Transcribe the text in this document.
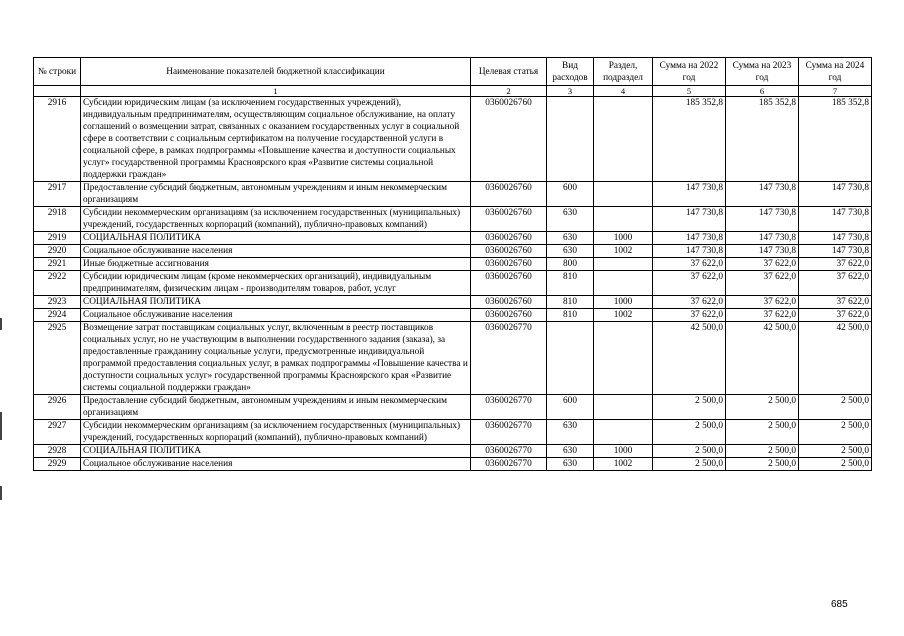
№ строки	Наименование показателей бюджетной классификации	Целевая статья	Вид расходов	Раздел, подраздел	Сумма на 2022 год	Сумма на 2023 год	Сумма на 2024 год
	1	2	3	4	5	6	7
2916	Субсидии юридическим лицам (за исключением государственных учреждений), индивидуальным предпринимателям, осуществляющим социальное обслуживание, на оплату соглашений о возмещении затрат, связанных с оказанием государственных услуг в социальной сфере в соответствии с социальным сертификатом на получение государственной услуги в социальной сфере, в рамках подпрограммы «Повышение качества и доступности социальных услуг» государственной программы Красноярского края «Развитие системы социальной поддержки граждан»	0360026760			185 352,8	185 352,8	185 352,8
2917	Предоставление субсидий бюджетным, автономным учреждениям и иным некоммерческим организациям	0360026760	600		147 730,8	147 730,8	147 730,8
2918	Субсидии некоммерческим организациям (за исключением государственных (муниципальных) учреждений, государственных корпораций (компаний), публично-правовых компаний)	0360026760	630		147 730,8	147 730,8	147 730,8
2919	СОЦИАЛЬНАЯ ПОЛИТИКА	0360026760	630	1000	147 730,8	147 730,8	147 730,8
2920	Социальное обслуживание населения	0360026760	630	1002	147 730,8	147 730,8	147 730,8
2921	Иные бюджетные ассигнования	0360026760	800		37 622,0	37 622,0	37 622,0
2922	Субсидии юридическим лицам (кроме некоммерческих организаций), индивидуальным предпринимателям, физическим лицам - производителям товаров, работ, услуг	0360026760	810		37 622,0	37 622,0	37 622,0
2923	СОЦИАЛЬНАЯ ПОЛИТИКА	0360026760	810	1000	37 622,0	37 622,0	37 622,0
2924	Социальное обслуживание населения	0360026760	810	1002	37 622,0	37 622,0	37 622,0
2925	Возмещение затрат поставщикам социальных услуг, включенным в реестр поставщиков социальных услуг, но не участвующим в выполнении государственного задания (заказа), за предоставленные гражданину социальные услуги, предусмотренные индивидуальной программой предоставления социальных услуг, в рамках подпрограммы «Повышение качества и доступности социальных услуг» государственной программы Красноярского края «Развитие системы социальной поддержки граждан»	0360026770			42 500,0	42 500,0	42 500,0
2926	Предоставление субсидий бюджетным, автономным учреждениям и иным некоммерческим организациям	0360026770	600		2 500,0	2 500,0	2 500,0
2927	Субсидии некоммерческим организациям (за исключением государственных (муниципальных) учреждений, государственных корпораций (компаний), публично-правовых компаний)	0360026770	630		2 500,0	2 500,0	2 500,0
2928	СОЦИАЛЬНАЯ ПОЛИТИКА	0360026770	630	1000	2 500,0	2 500,0	2 500,0
2929	Социальное обслуживание населения	0360026770	630	1002	2 500,0	2 500,0	2 500,0
685
